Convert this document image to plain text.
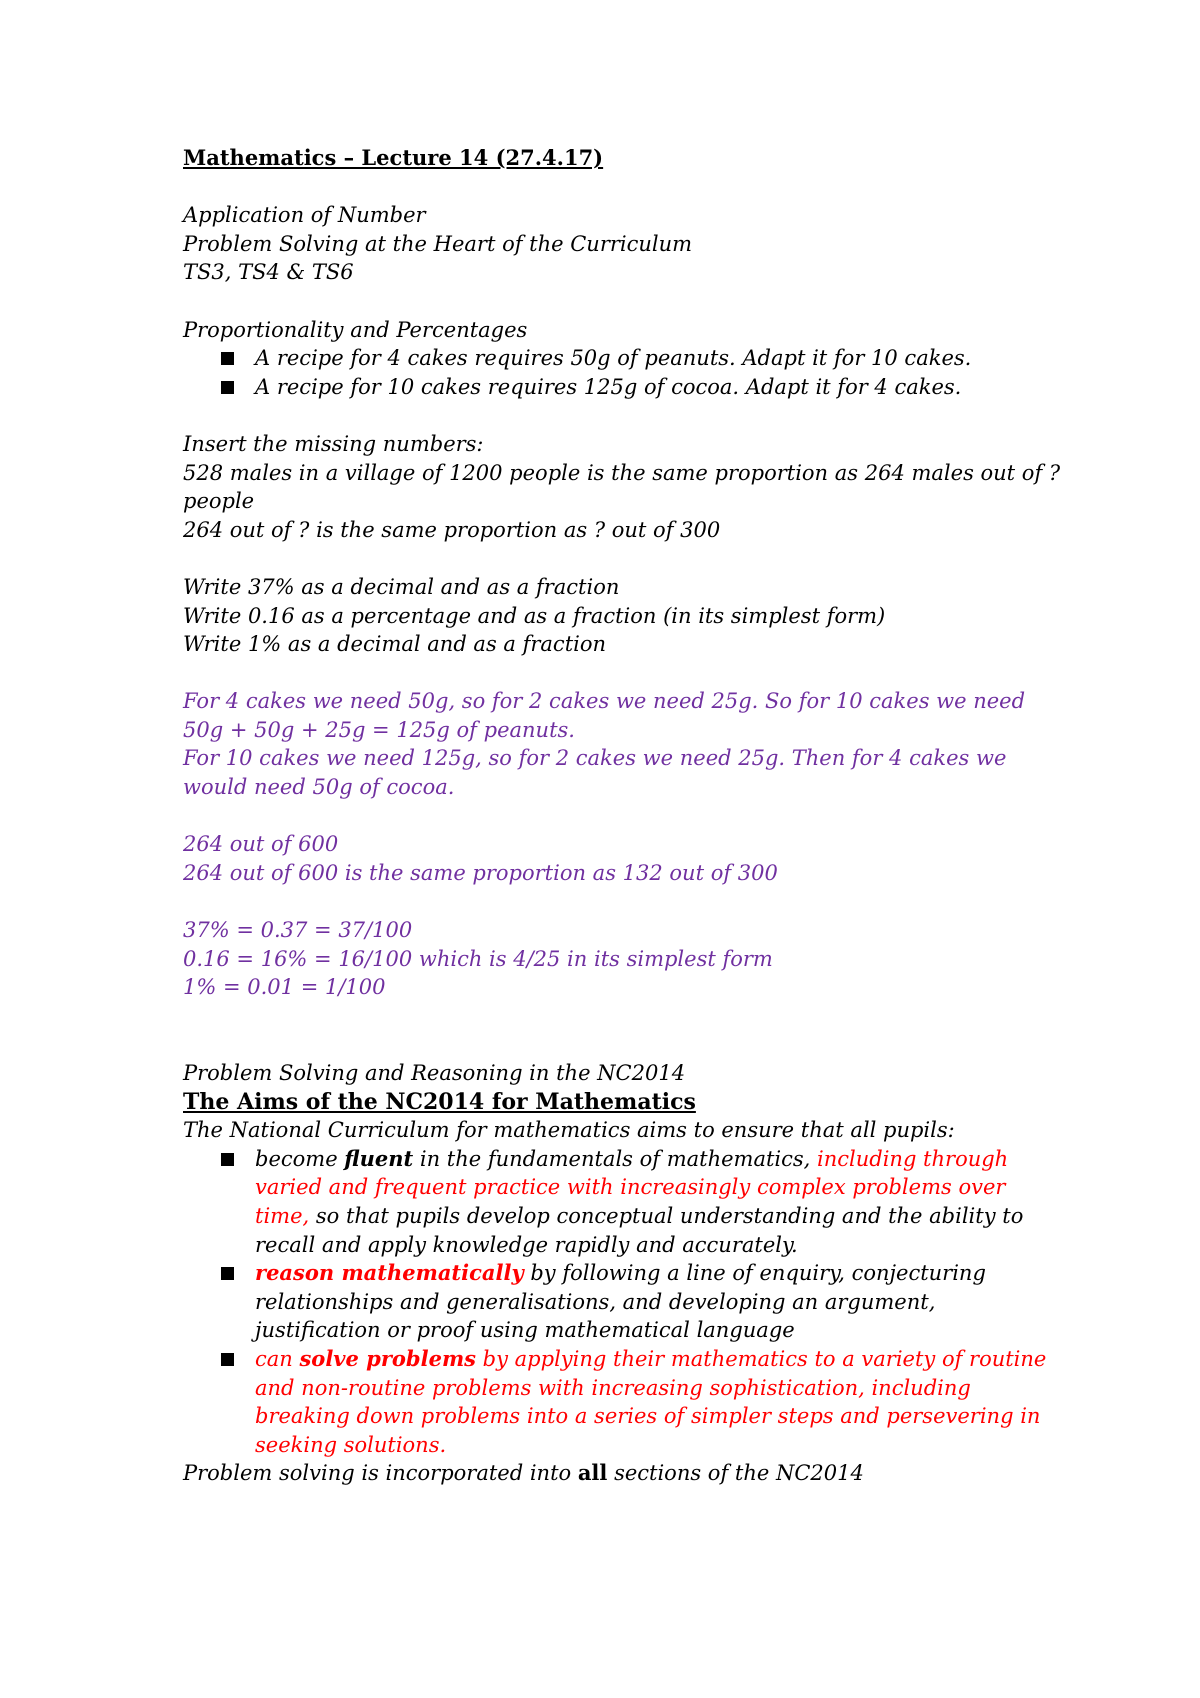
Mathematics – Lecture 14 (27.4.17)
Application of Number
Problem Solving at the Heart of the Curriculum
TS3, TS4 & TS6
Proportionality and Percentages
A recipe for 4 cakes requires 50g of peanuts. Adapt it for 10 cakes.
A recipe for 10 cakes requires 125g of cocoa. Adapt it for 4 cakes.
Insert the missing numbers:
528 males in a village of 1200 people is the same proportion as 264 males out of ? people
264 out of ? is the same proportion as ? out of 300
Write 37% as a decimal and as a fraction
Write 0.16 as a percentage and as a fraction (in its simplest form)
Write 1% as a decimal and as a fraction
For 4 cakes we need 50g, so for 2 cakes we need 25g. So for 10 cakes we need 50g + 50g + 25g = 125g of peanuts.
For 10 cakes we need 125g, so for 2 cakes we need 25g. Then for 4 cakes we would need 50g of cocoa.
264 out of 600
264 out of 600 is the same proportion as 132 out of 300
37% = 0.37 = 37/100
0.16 = 16% = 16/100 which is 4/25 in its simplest form
1% = 0.01 = 1/100
Problem Solving and Reasoning in the NC2014
The Aims of the NC2014 for Mathematics
The National Curriculum for mathematics aims to ensure that all pupils:
become fluent in the fundamentals of mathematics, including through varied and frequent practice with increasingly complex problems over time, so that pupils develop conceptual understanding and the ability to recall and apply knowledge rapidly and accurately.
reason mathematically by following a line of enquiry, conjecturing relationships and generalisations, and developing an argument, justification or proof using mathematical language
can solve problems by applying their mathematics to a variety of routine and non-routine problems with increasing sophistication, including breaking down problems into a series of simpler steps and persevering in seeking solutions.
Problem solving is incorporated into all sections of the NC2014
